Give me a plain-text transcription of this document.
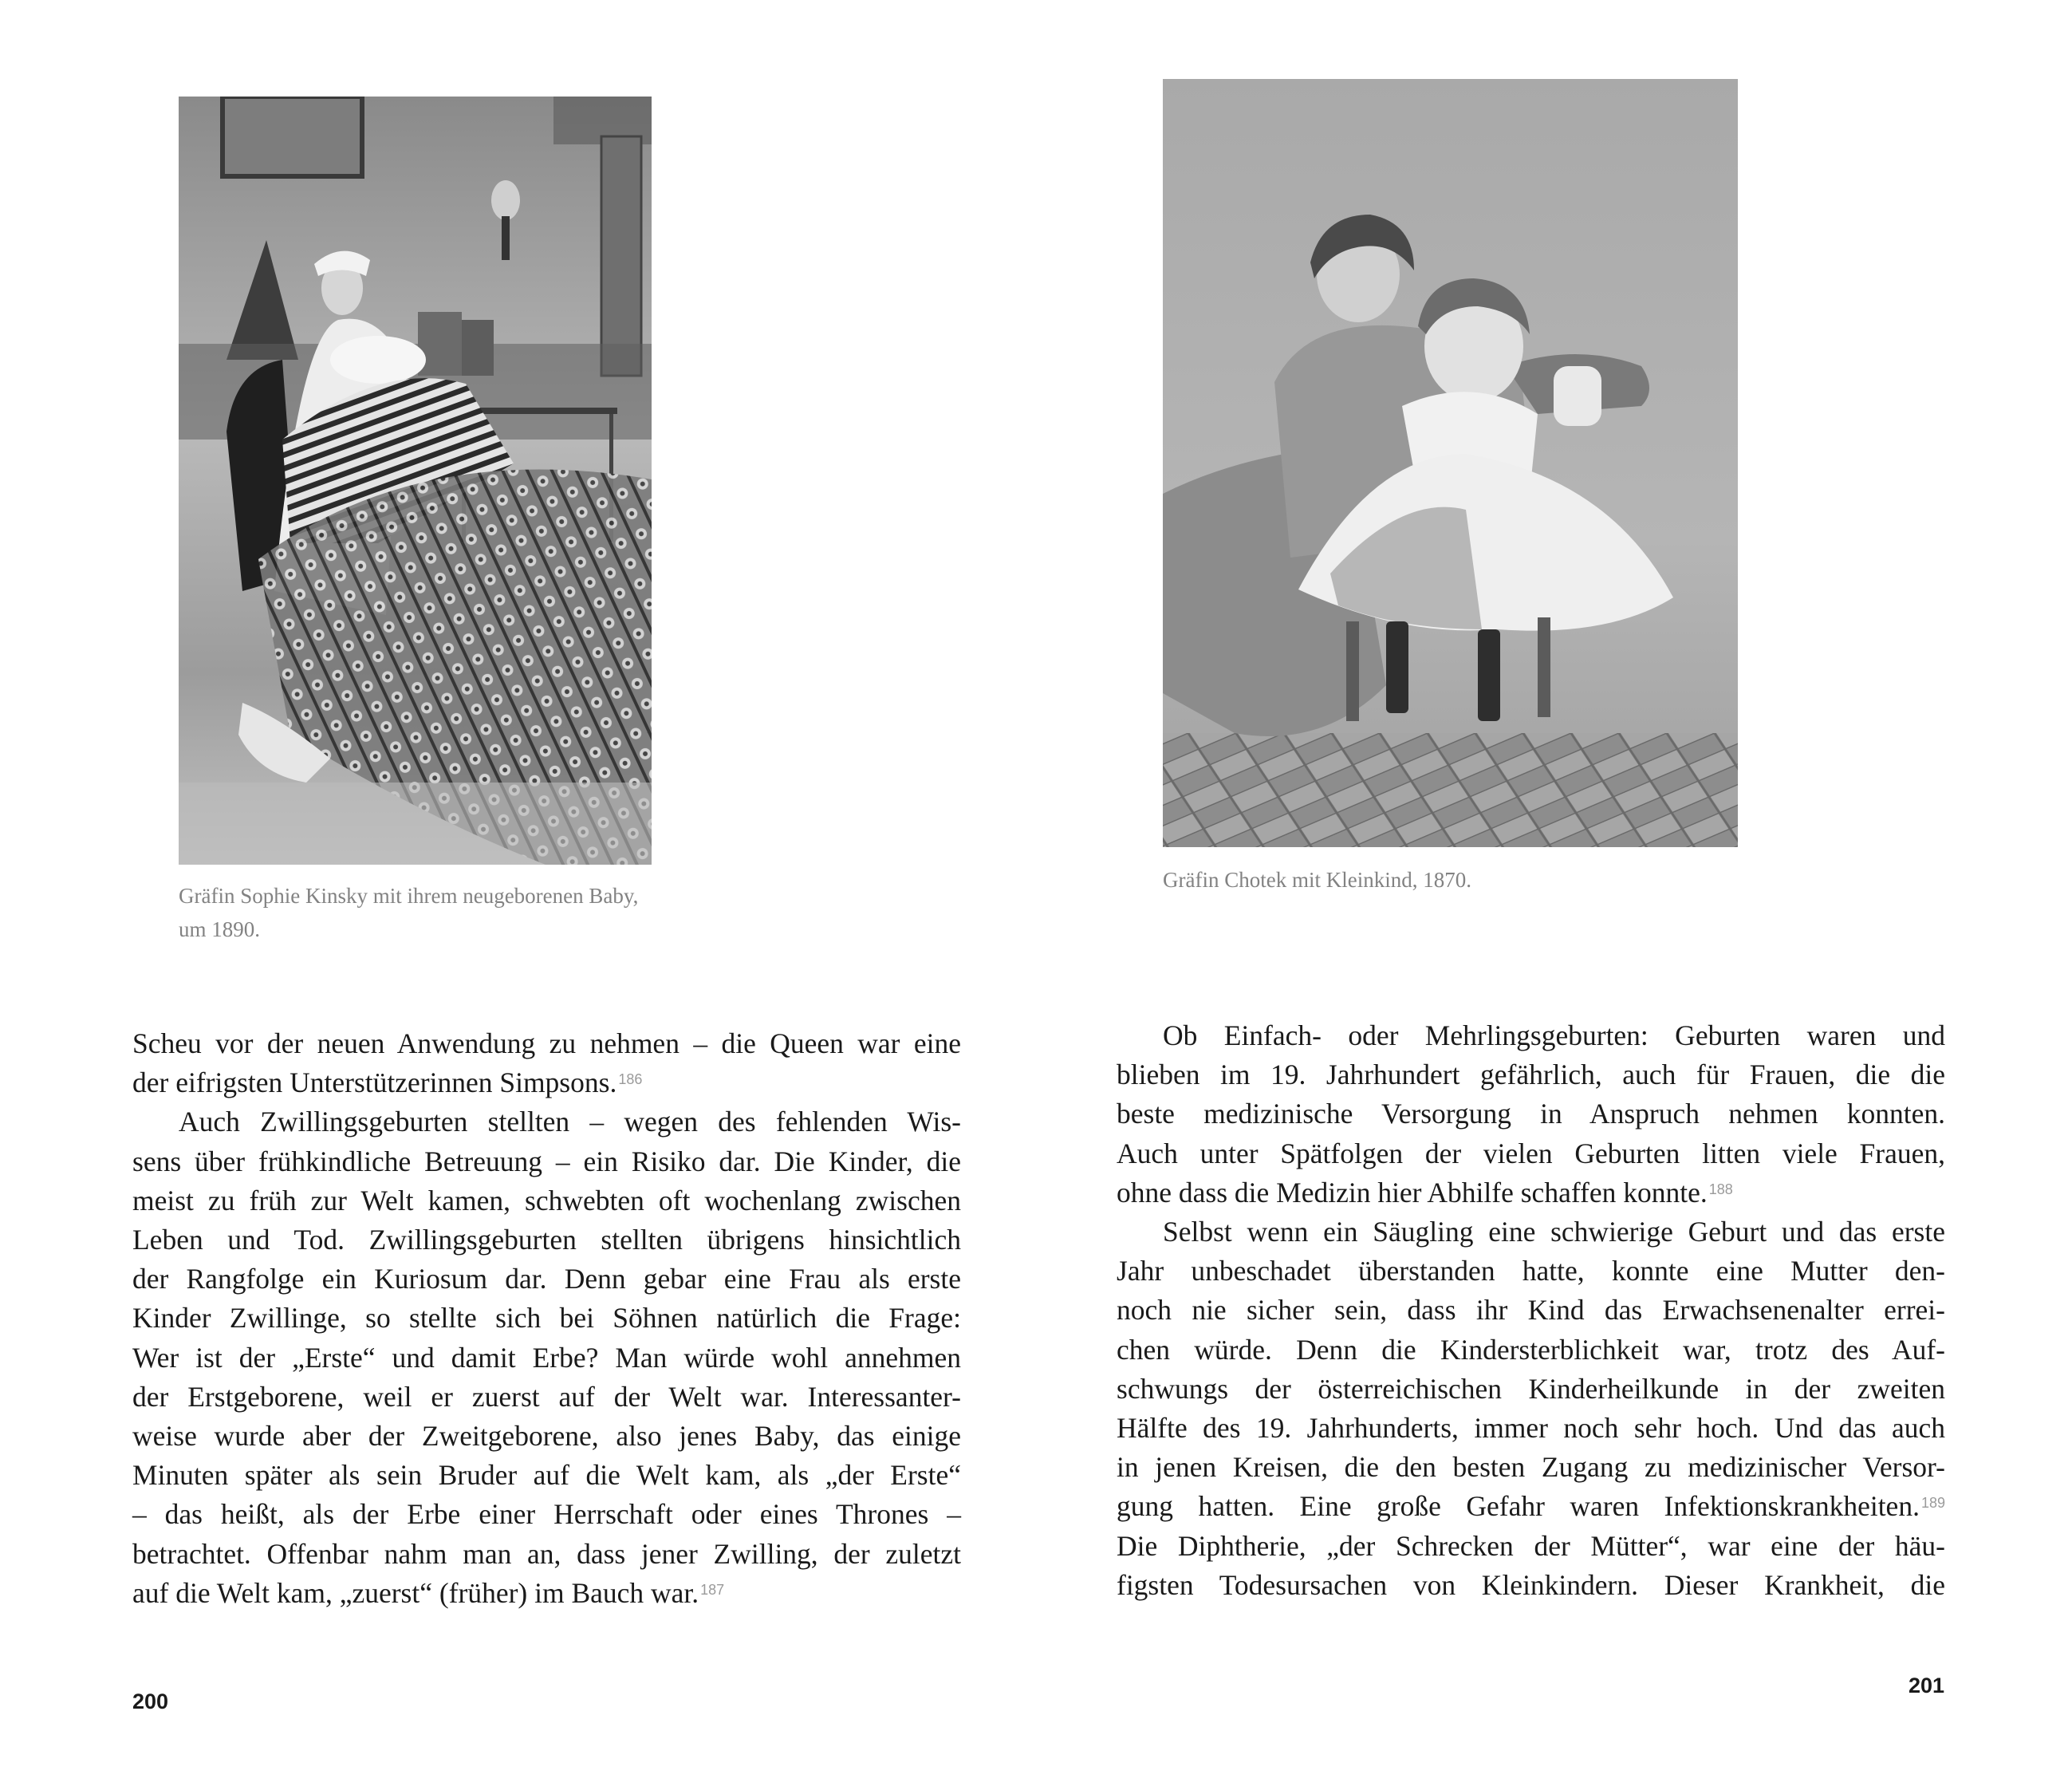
Gräfin Sophie Kinsky mit ihrem neugeborenen Baby,
um 1890.

Scheu vor der neuen Anwendung zu nehmen – die Queen war eine
der eifrigsten Unterstützerinnen Simpsons. $^{186}$

Auch Zwillingsgeburten stellten – wegen des fehlenden Wis-
sens über frühkindliche Betreuung – ein Risiko dar. Die Kinder, die
meist zu früh zur Welt kamen, schwebten oft wochenlang zwischen
Leben und Tod. Zwillingsgeburten stellten übrigens hinsichtlich
der Rangfolge ein Kuriosum dar. Denn gebar eine Frau als erste
Kinder Zwillinge, so stellte sich bei Söhnen natürlich die Frage:
Wer ist der „Erste“ und damit Erbe? Man würde wohl annehmen
der Erstgeborene, weil er zuerst auf der Welt war. Interessanter-
weise wurde aber der Zweitgeborene, also jenes Baby, das einige
Minuten später als sein Bruder auf die Welt kam, als „der Erste“
– das heißt, als der Erbe einer Herrschaft oder eines Thrones –
betrachtet. Offenbar nahm man an, dass jener Zwilling, der zuletzt
auf die Welt kam, „zuerst“ (früher) im Bauch war. $^{187}$

200
Gräfin Chotek mit Kleinkind, 1870.

Ob Einfach- oder Mehrlingsgeburten: Geburten waren und
blieben im 19. Jahrhundert gefährlich, auch für Frauen, die die
beste medizinische Versorgung in Anspruch nehmen konnten.
Auch unter Spätfolgen der vielen Geburten litten viele Frauen,
ohne dass die Medizin hier Abhilfe schaffen konnte. $^{188}$

Selbst wenn ein Säugling eine schwierige Geburt und das erste
Jahr unbeschadet überstanden hatte, konnte eine Mutter den-
noch nie sicher sein, dass ihr Kind das Erwachsenenalter errei-
chen würde. Denn die Kindersterblichkeit war, trotz des Auf-
schwungs der österreichischen Kinderheilkunde in der zweiten
Hälfte des 19. Jahrhunderts, immer noch sehr hoch. Und das auch
in jenen Kreisen, die den besten Zugang zu medizinischer Versor-
gung hatten. Eine große Gefahr waren Infektionskrankheiten. $^{189}$

Die Diphtherie, „der Schrecken der Mütter“, war eine der häu-
figsten Todesursachen von Kleinkindern. Dieser Krankheit, die

201
